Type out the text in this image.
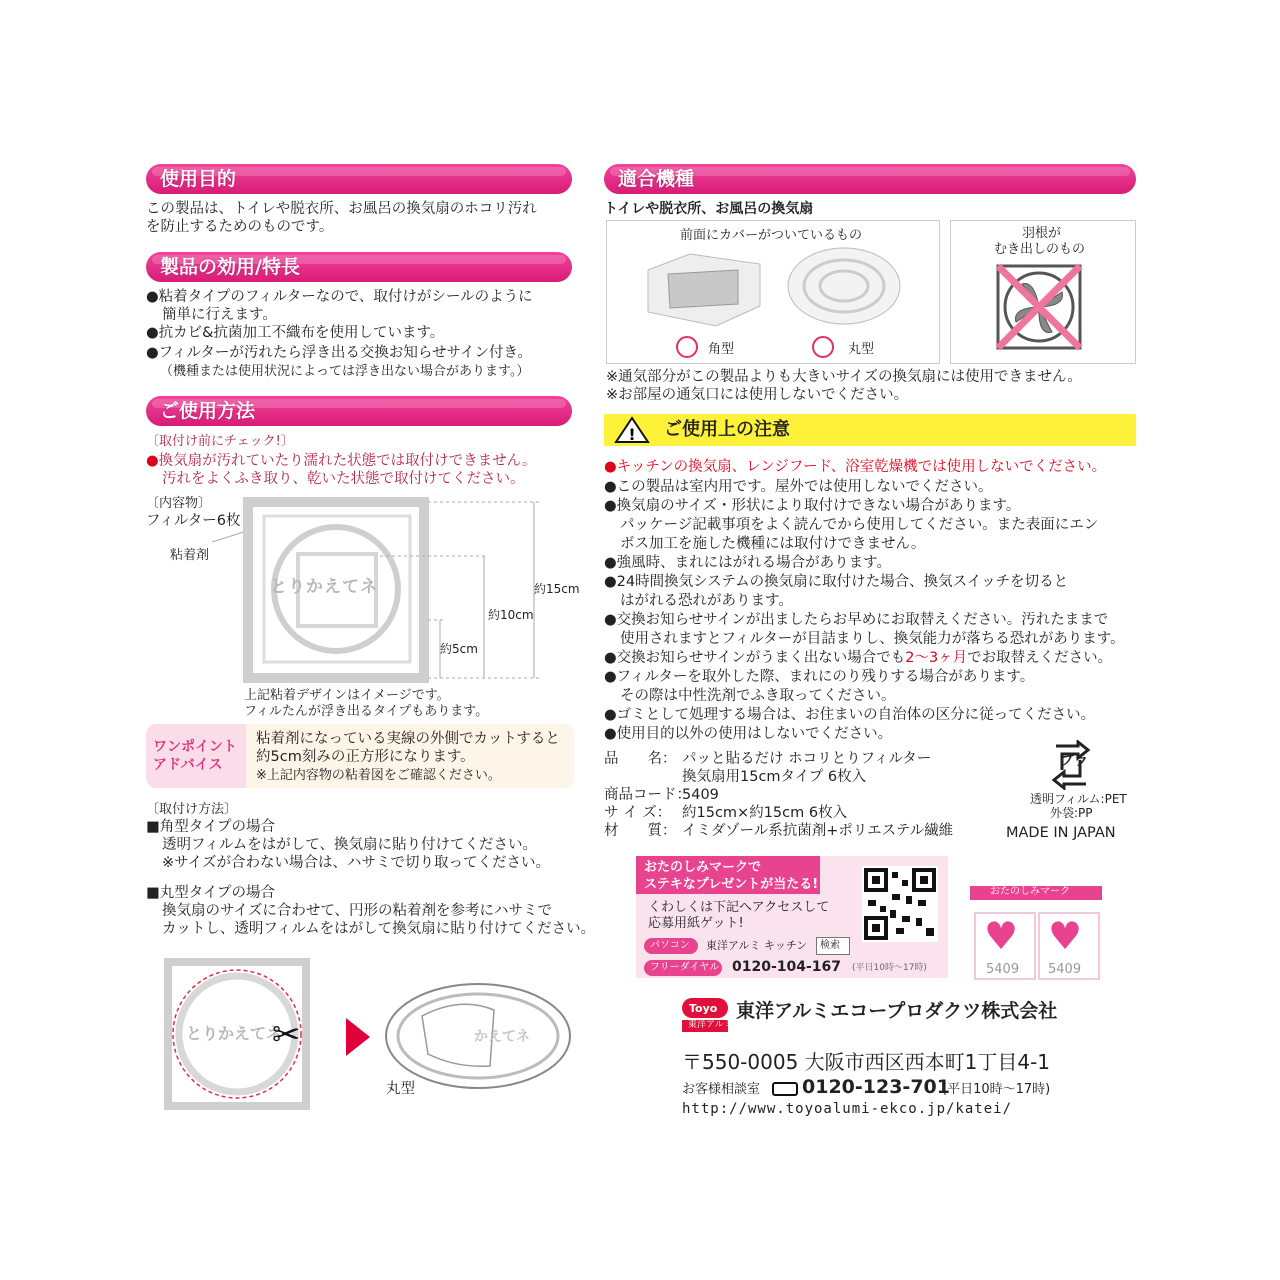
使用目的
この製品は、トイレや脱衣所、お風呂の換気扇のホコリ汚れ
を防止するためのものです。
製品の効用/特長
● 粘着タイプのフィルターなので、取付けがシールのように
簡単に行えます。
● 抗カビ&抗菌加工不織布を使用しています。
● フィルターが汚れたら浮き出る交換お知らせサイン付き。
（機種または使用状況によっては浮き出ない場合があります。）
ご使用方法
〔取付け前にチェック!〕
● 換気扇が汚れていたり濡れた状態では取付けできません。
汚れをよくふき取り、乾いた状態で取付けてください。
〔内容物〕
フィルター6枚
粘着剤
とりかえてネ	約15cm
約10cm
約5cm
上記粘着デザインはイメージです。
フィルたんが浮き出るタイプもあります。
ワンポイント
アドバイス
粘着剤になっている実線の外側でカットすると
約5cm刻みの正方形になります。
※上記内容物の粘着図をご確認ください。
〔取付け方法〕
■角型タイプの場合
透明フィルムをはがして、換気扇に貼り付けてください。
※サイズが合わない場合は、ハサミで切り取ってください。
■丸型タイプの場合
換気扇のサイズに合わせて、円形の粘着剤を参考にハサミで
カットし、透明フィルムをはがして換気扇に貼り付けてください。
とりかえてネ
✂	かえてネ
丸型
適合機種
トイレや脱衣所、お風呂の換気扇
前面にカバーがついているもの
角型	丸型
羽根が
むき出しのもの
※通気部分がこの製品よりも大きいサイズの換気扇には使用できません。
※お部屋の通気口には使用しないでください。
! ご使用上の注意
● キッチンの換気扇、レンジフード、浴室乾燥機では使用しないでください。
● この製品は室内用です。屋外では使用しないでください。
● 換気扇のサイズ・形状により取付けできない場合があります。
パッケージ記載事項をよく読んでから使用してください。また表面にエン
ボス加工を施した機種には取付けできません。
● 強風時、まれにはがれる場合があります。
● 24時間換気システムの換気扇に取付けた場合、換気スイッチを切ると
はがれる恐れがあります。
● 交換お知らせサインが出ましたらお早めにお取替えください。汚れたままで
使用されますとフィルターが目詰まりし、換気能力が落ちる恐れがあります。
● 交換お知らせサインがうまく出ない場合でも2〜3ヶ月でお取替えください。
● フィルターを取外した際、まれにのり残りする場合があります。
その際は中性洗剤でふき取ってください。
● ゴミとして処理する場合は、お住まいの自治体の区分に従ってください。
● 使用目的以外の使用はしないでください。
品　　名： パッと貼るだけ ホコリとりフィルター
換気扇用15cmタイプ 6枚入
商品コード：
5409
サ イ ズ： 約15cm×約15cm 6枚入
材　　質： イミダゾール系抗菌剤+ポリエステル繊維
プラ
透明フィルム:PET
外袋:PP
MADE IN JAPAN
おたのしみマークで
ステキなプレゼントが当たる!
くわしくは下記へアクセスして
応募用紙ゲット!
パソコン 東洋アルミ キッチン 検索
フリーダイヤル 0120-104-167 (平日10時〜17時)
おたのしみマーク
♥
5409
♥
5409
Toyo
東洋アルミ
東洋アルミエコープロダクツ株式会社
〒550-0005 大阪市西区西本町1丁目4-1
お客様相談室 0120-123-701
(平日10時〜17時)
http://www.toyoalumi-ekco.jp/katei/
